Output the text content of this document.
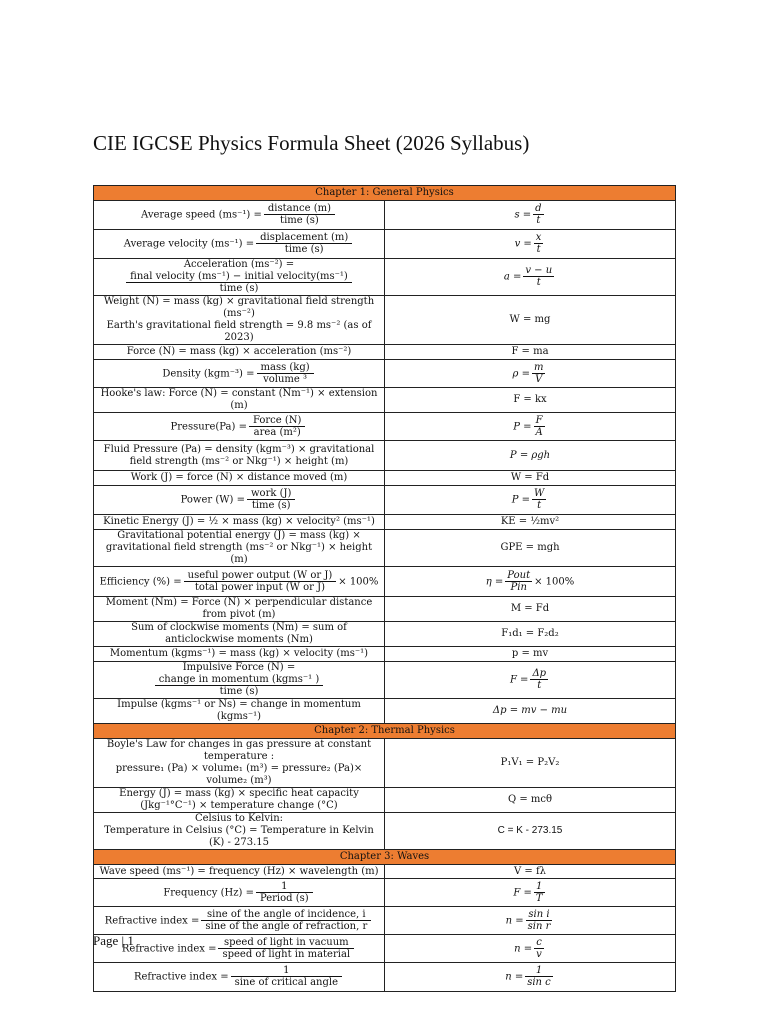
CIE IGCSE Physics Formula Sheet (2026 Syllabus)
Chapter 1: General Physics	
Average speed $(ms^{-1}) = \frac{\text{distance (m)}}{\text{time (s)}}$	$s = \frac{d}{t}$

Average velocity $(ms^{-1}) = \frac{\text{displacement (m)}}{\text{time (s)}}$	$v = \frac{x}{t}$

Acceleration (ms⁻²) =
$\frac{\text{final velocity (ms⁻¹) − initial velocity(ms⁻¹)}}{\text{time (s)}}$	$a = \frac{v - u}{t}$

Weight (N) = mass (kg) × gravitational field strength (ms⁻²)
Earth's gravitational field strength = 9.8 ms⁻² (as of 2023)	W = mg
Force (N) = mass (kg) × acceleration (ms⁻²)	F = ma
Density $(kgm^{-3}) = \frac{\text{mass (kg)}}{\text{volume ³}}$	$\rho = \frac{m}{V}$

Hooke's law: Force (N) = constant (Nm⁻¹) × extension (m)	F = kx
Pressure(Pa) = $\frac{\text{Force (N)}}{\text{area (m²)}}$	$P = \frac{F}{A}$

Fluid Pressure (Pa) = density (kgm⁻³) × gravitational field strength (ms⁻² or Nkg⁻¹) × height (m)	P = ρgh
Work (J) = force (N) × distance moved (m)	W = Fd
Power $(W) = \frac{\text{work (J)}}{\text{time (s)}}$	$P = \frac{W}{t}$

Kinetic Energy (J) = ½ × mass (kg) × velocity² (ms⁻¹)	KE = ½mv²
Gravitational potential energy (J) = mass (kg) × gravitational field strength (ms⁻² or Nkg⁻¹) × height (m)	GPE = mgh
Efficiency (%) = $\frac{\text{useful power output (W or J)}}{\text{total power input (W or J)}} \times 100\%$	$\eta = \frac{\text{Pout}}{\text{Pin}} \times 100\%$
Moment (Nm) = Force (N) × perpendicular distance from pivot (m)	M = Fd
Sum of clockwise moments (Nm) = sum of anticlockwise moments (Nm)	F₁d₁ = F₂d₂
Momentum (kgms⁻¹) = mass (kg) × velocity (ms⁻¹)	p = mv
Impulsive Force (N) =
$\frac{\text{change in momentum (kgms⁻¹ )}}{\text{time (s)}}$	$F = \frac{\Delta p}{t}$

Impulse (kgms⁻¹ or Ns) = change in momentum (kgms⁻¹)	Δp = mv − mu
Chapter 2: Thermal Physics	

Boyle's Law for changes in gas pressure at constant temperature :
pressure₁ (Pa) × volume₁ (m³) = pressure₂ (Pa)× volume₂ (m³)	P₁V₁ = P₂V₂
Energy (J) = mass (kg) × specific heat capacity (Jkg⁻¹°C⁻¹) × temperature change (°C)	Q = mcθ

Celsius to Kelvin:
Temperature in Celsius (°C) = Temperature in Kelvin (K) - 273.15	C = K - 273.15
Chapter 3: Waves	
Wave speed (ms⁻¹) = frequency (Hz) × wavelength (m)	V = fλ
Frequency $(Hz) = \frac{1}{\text{Period (s)}}$	$F = \frac{1}{T}$

Refractive index = $\frac{\text{sine of the angle of incidence, i}}{\text{sine of the angle of refraction, r}}$	$n = \frac{\text{sin i}}{\text{sin r}}$

Refractive index = $\frac{\text{speed of light in vacuum}}{\text{speed of light in material}}$	$n = \frac{c}{v}$

Refractive index = $\frac{1}{\text{sine of critical angle}}$	$n = \frac{1}{\text{sin c}}$
Page | 1
